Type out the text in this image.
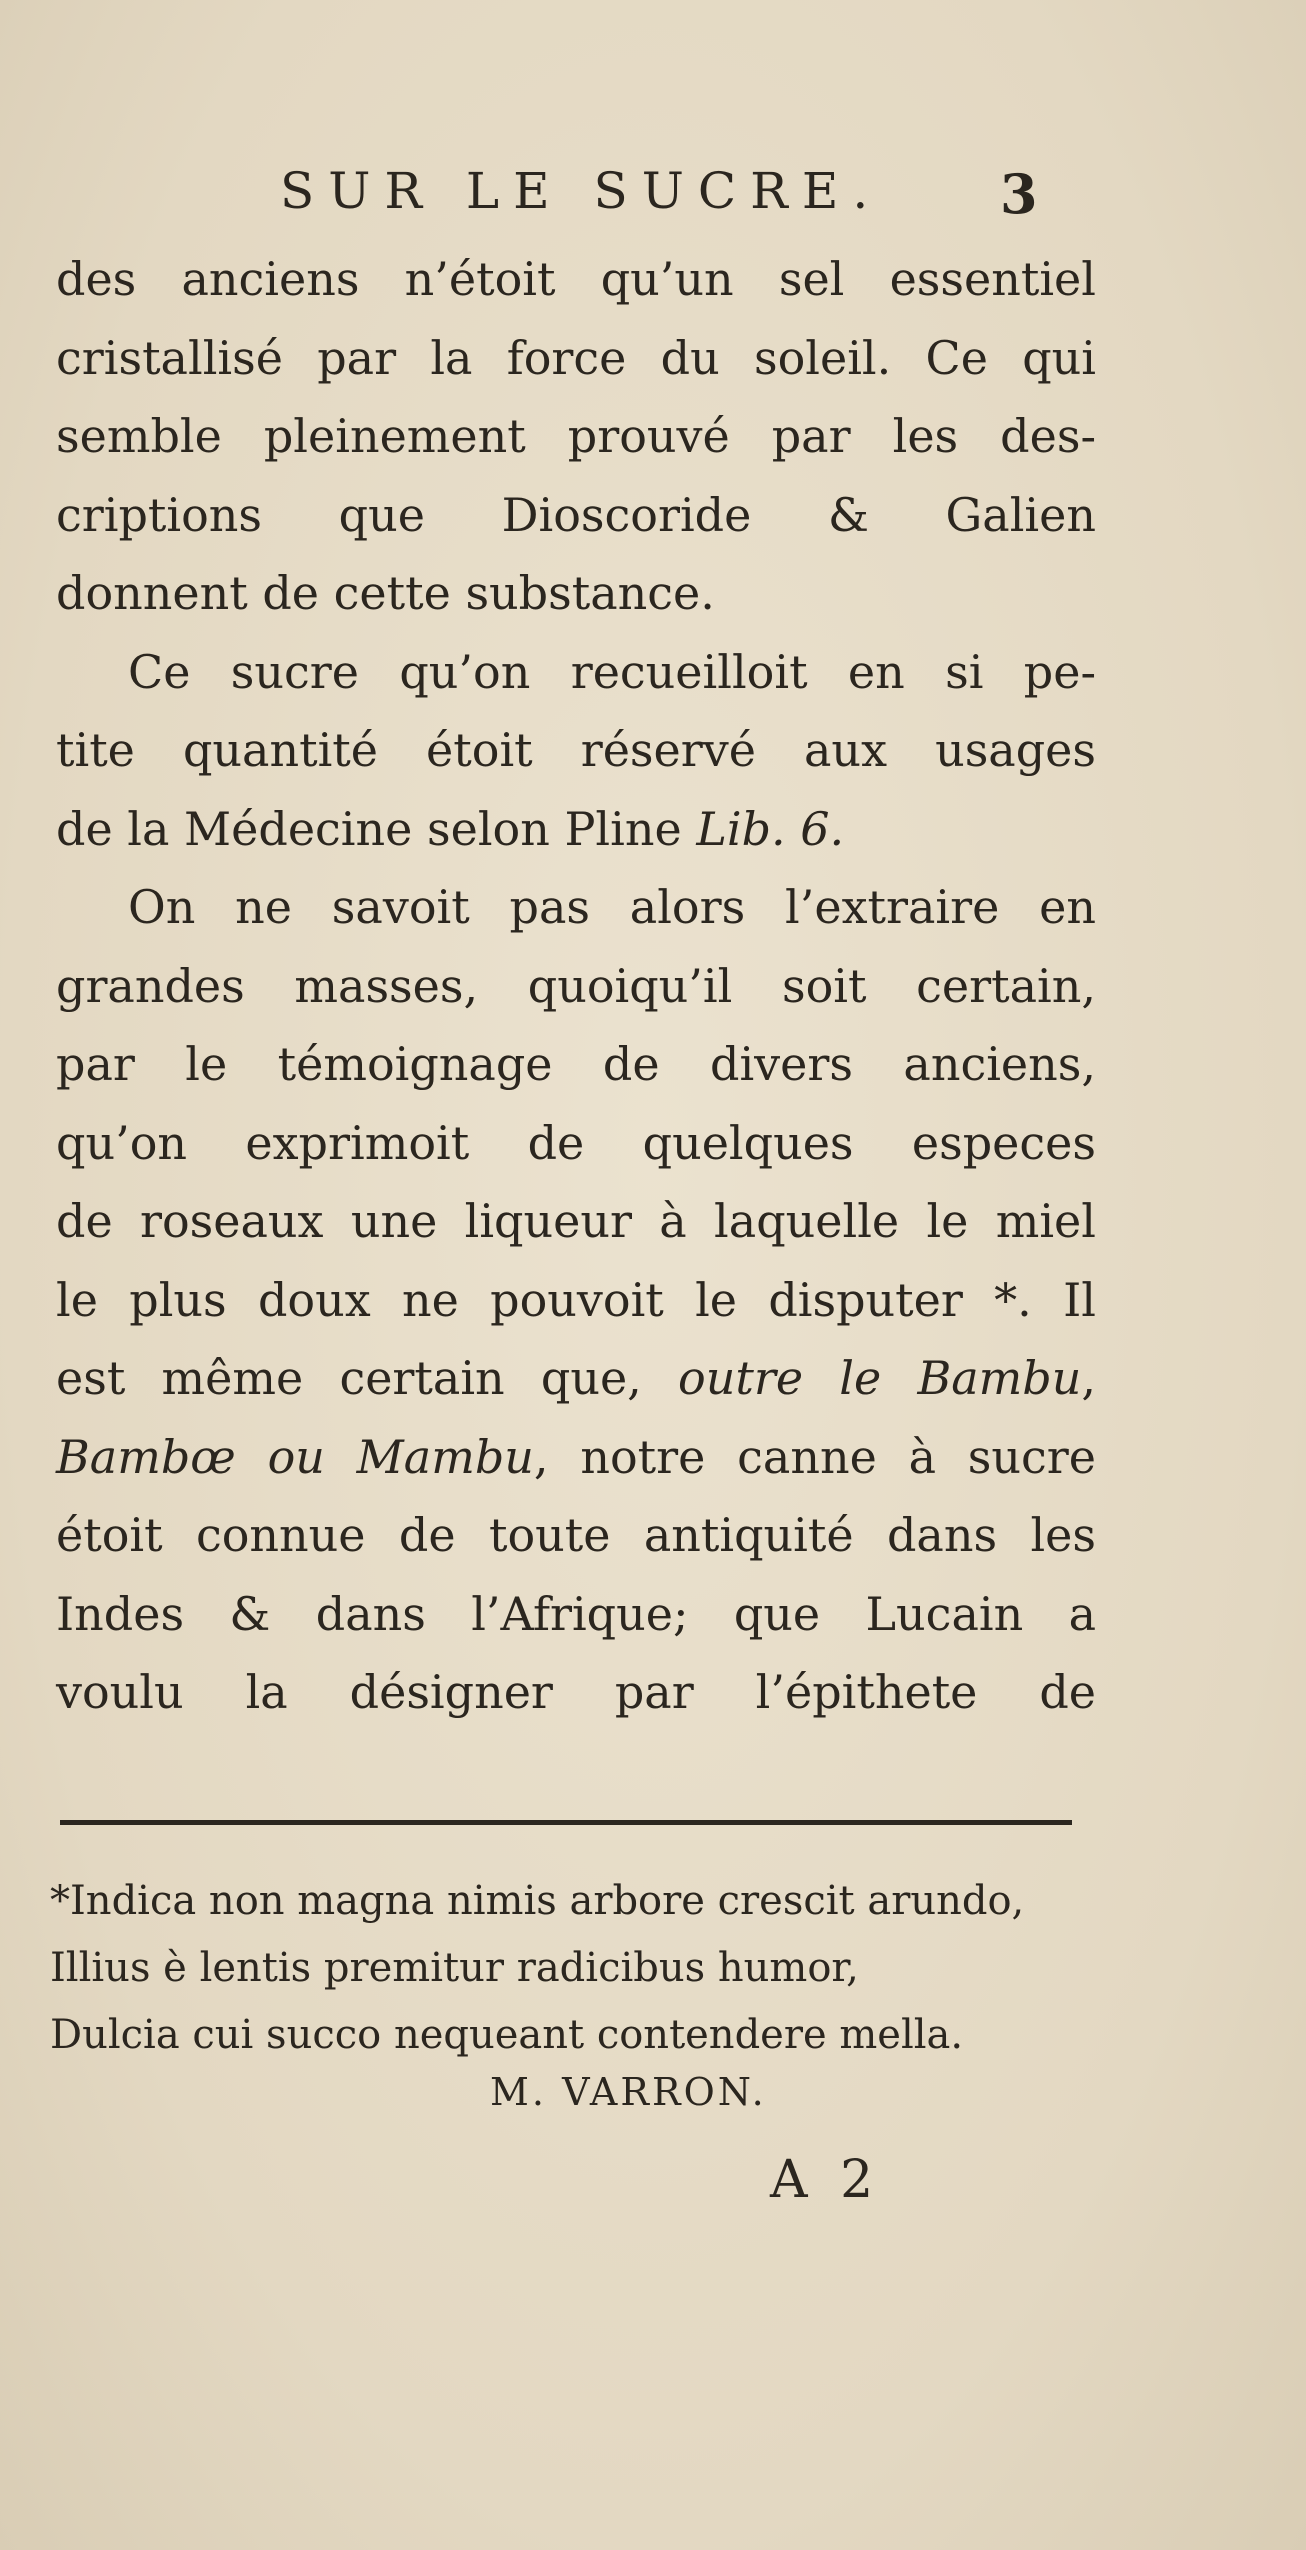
SUR LE SUCRE. 3
des anciens n’étoit qu’un sel essentiel
cristallisé par la force du soleil. Ce qui
semble pleinement prouvé par les des-
criptions que Dioscoride & Galien
donnent de cette substance.
Ce sucre qu’on recueilloit en si pe-
tite quantité étoit réservé aux usages
de la Médecine selon Pline Lib. 6.
On ne savoit pas alors l’extraire en
grandes masses, quoiqu’il soit certain,
par le témoignage de divers anciens,
qu’on exprimoit de quelques especes
de roseaux une liqueur à laquelle le miel
le plus doux ne pouvoit le disputer *. Il
est même certain que, outre le Bambu,
Bambœ ou Mambu, notre canne à sucre
étoit connue de toute antiquité dans les
Indes & dans l’Afrique; que Lucain a
voulu la désigner par l’épithete de
*Indica non magna nimis arbore crescit arundo,
Illius è lentis premitur radicibus humor,
Dulcia cui succo nequeant contendere mella.
M. VARRON.
A 2
